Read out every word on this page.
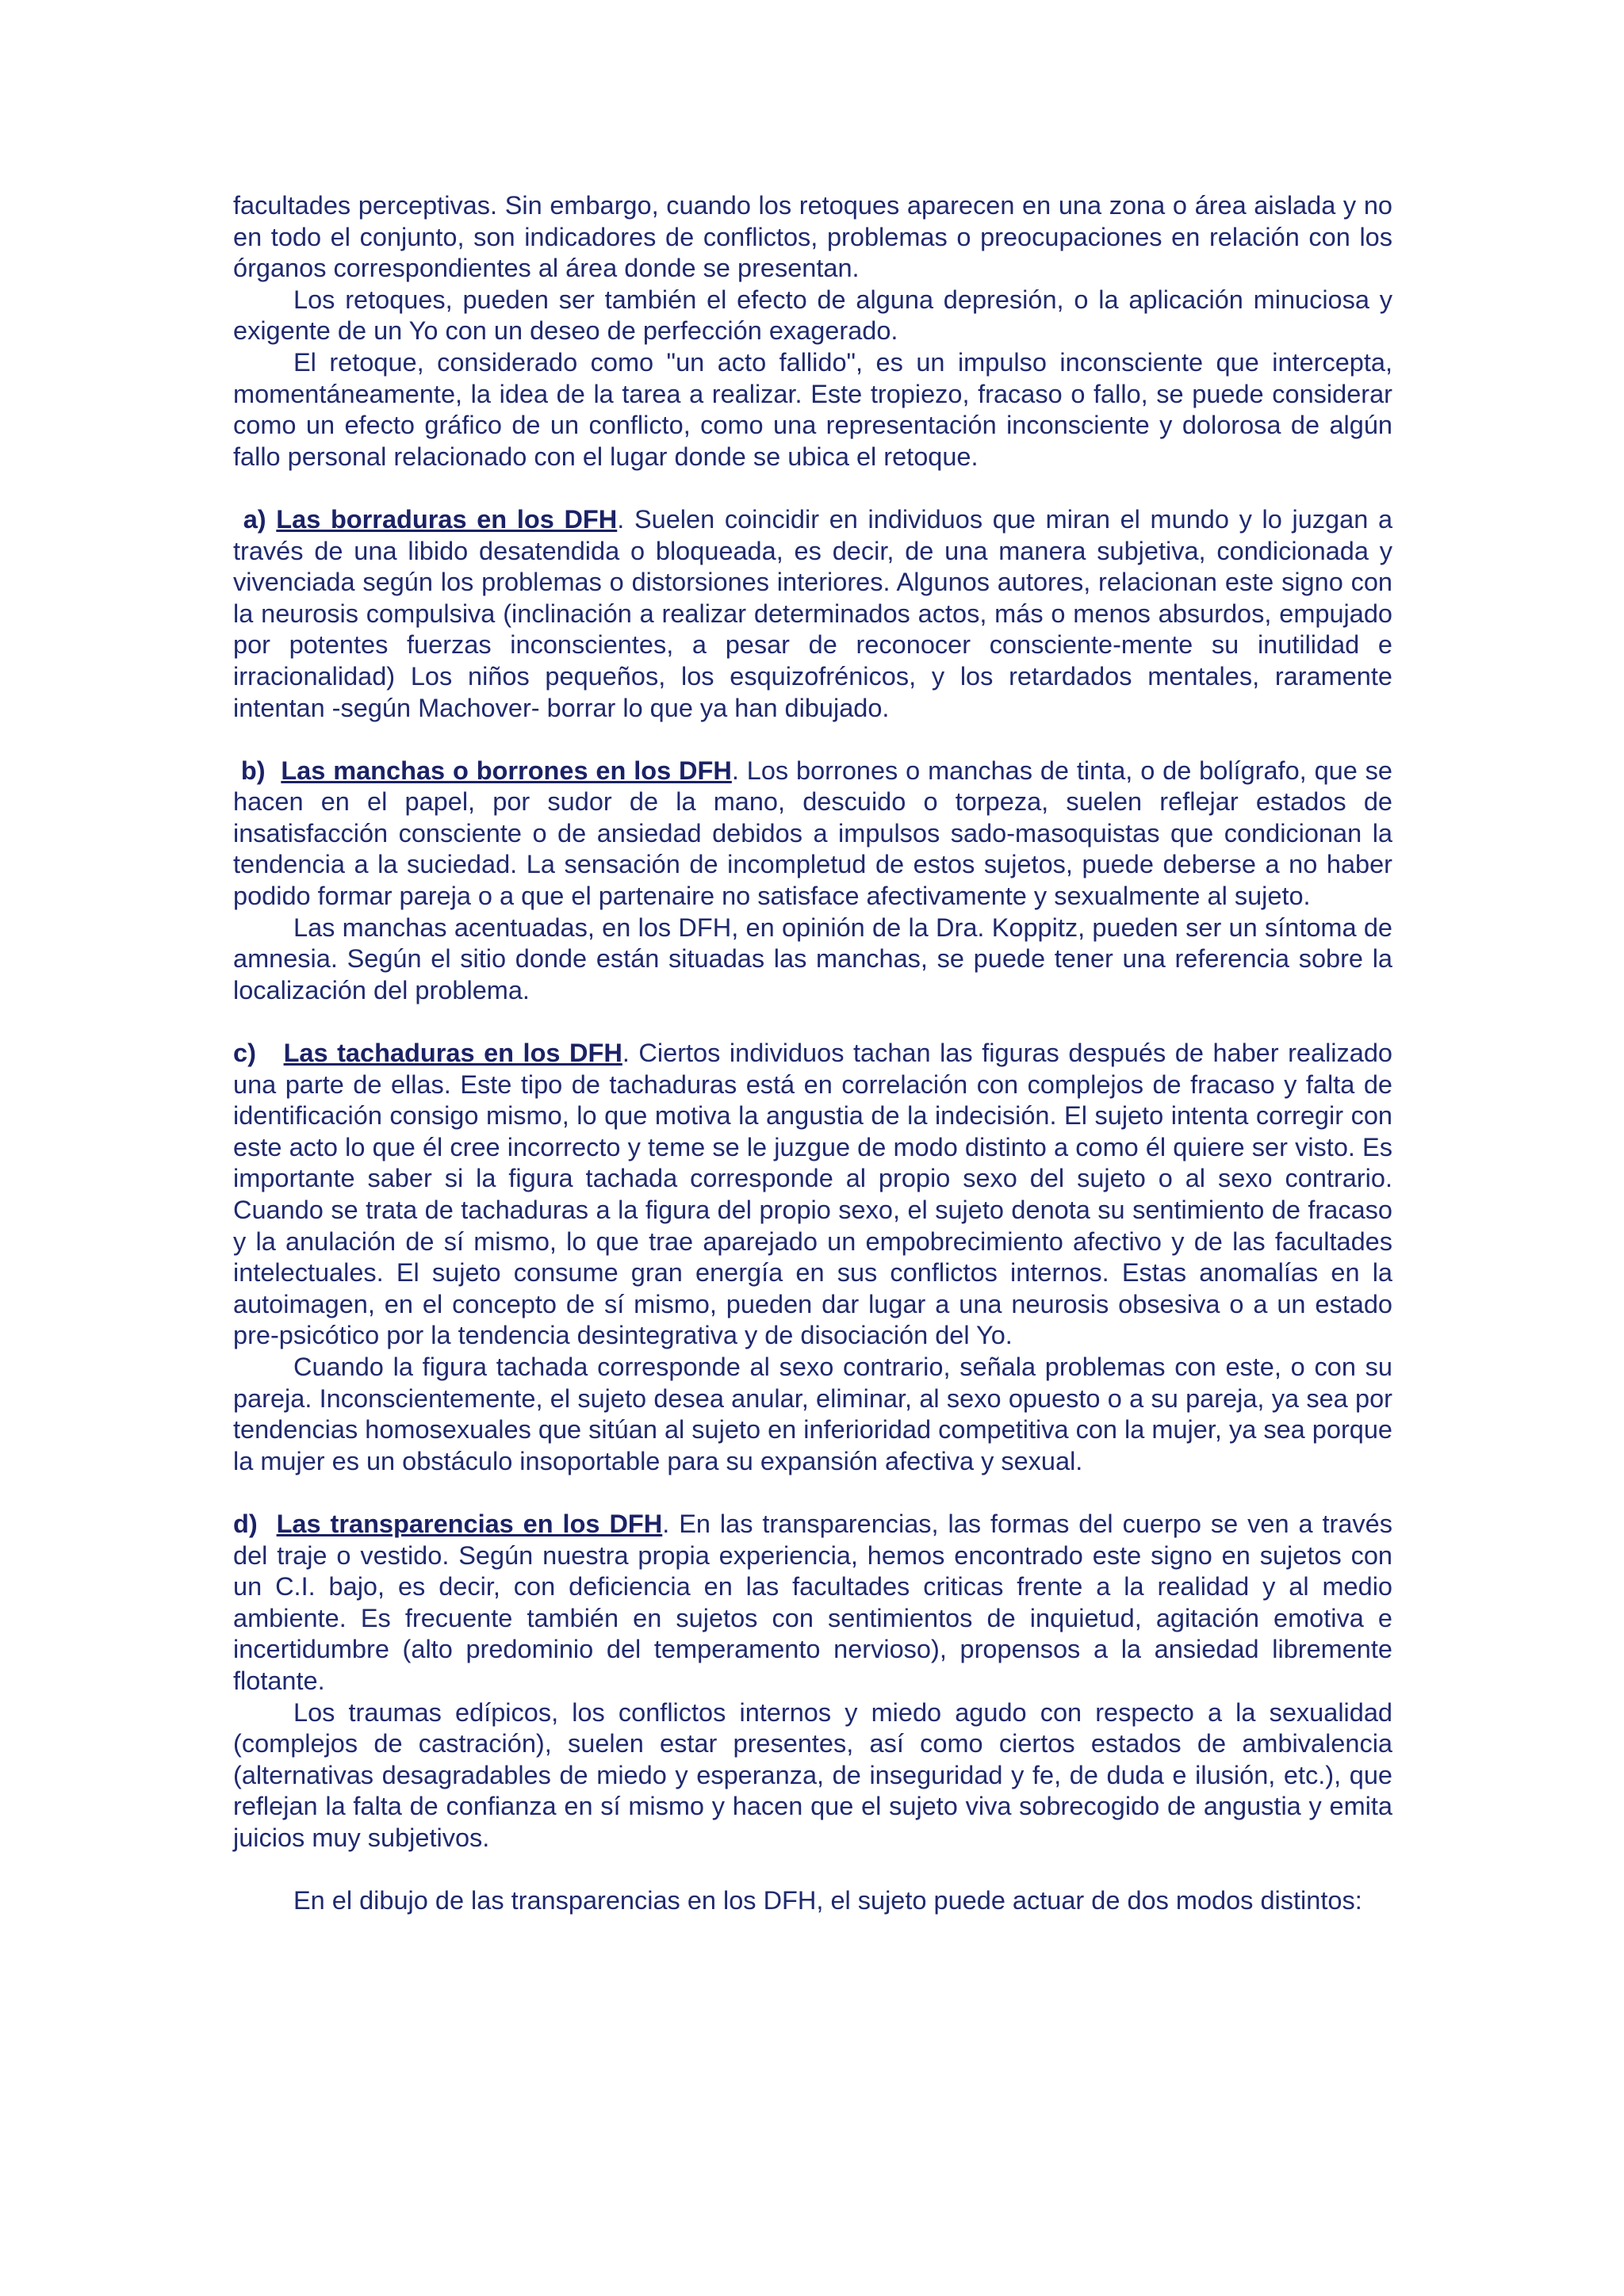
facultades perceptivas. Sin embargo, cuando los retoques aparecen en una zona o área aislada y no en todo el conjunto, son indicadores de conflictos, problemas o preocupaciones en relación con los órganos correspondientes al área donde se presentan.

Los retoques, pueden ser también el efecto de alguna depresión, o la aplicación minuciosa y exigente de un Yo con un deseo de perfección exagerado.

El retoque, considerado como "un acto fallido", es un impulso inconsciente que intercepta, momentáneamente, la idea de la tarea a realizar. Este tropiezo, fracaso o fallo, se puede considerar como un efecto gráfico de un conflicto, como una representación inconsciente y dolorosa de algún fallo personal relacionado con el lugar donde se ubica el retoque.

a) Las borraduras en los DFH. Suelen coincidir en individuos que miran el mundo y lo juzgan a través de una libido desatendida o bloqueada, es decir, de una manera subjetiva, condicionada y vivenciada según los problemas o distorsiones interiores. Algunos autores, relacionan este signo con la neurosis compulsiva (inclinación a realizar determinados actos, más o menos absurdos, empujado por potentes fuerzas inconscientes, a pesar de reconocer consciente-mente su inutilidad e irracionalidad) Los niños pequeños, los esquizofrénicos, y los retardados mentales, raramente intentan -según Machover- borrar lo que ya han dibujado.

b) Las manchas o borrones en los DFH. Los borrones o manchas de tinta, o de bolígrafo, que se hacen en el papel, por sudor de la mano, descuido o torpeza, suelen reflejar estados de insatisfacción consciente o de ansiedad debidos a impulsos sado-masoquistas que condicionan la tendencia a la suciedad. La sensación de incompletud de estos sujetos, puede deberse a no haber podido formar pareja o a que el partenaire no satisface afectivamente y sexualmente al sujeto.

Las manchas acentuadas, en los DFH, en opinión de la Dra. Koppitz, pueden ser un síntoma de amnesia. Según el sitio donde están situadas las manchas, se puede tener una referencia sobre la localización del problema.

c) Las tachaduras en los DFH. Ciertos individuos tachan las figuras después de haber realizado una parte de ellas. Este tipo de tachaduras está en correlación con complejos de fracaso y falta de identificación consigo mismo, lo que motiva la angustia de la indecisión. El sujeto intenta corregir con este acto lo que él cree incorrecto y teme se le juzgue de modo distinto a como él quiere ser visto. Es importante saber si la figura tachada corresponde al propio sexo del sujeto o al sexo contrario. Cuando se trata de tachaduras a la figura del propio sexo, el sujeto denota su sentimiento de fracaso y la anulación de sí mismo, lo que trae aparejado un empobrecimiento afectivo y de las facultades intelectuales. El sujeto consume gran energía en sus conflictos internos. Estas anomalías en la autoimagen, en el concepto de sí mismo, pueden dar lugar a una neurosis obsesiva o a un estado pre-psicótico por la tendencia desintegrativa y de disociación del Yo.

Cuando la figura tachada corresponde al sexo contrario, señala problemas con este, o con su pareja. Inconscientemente, el sujeto desea anular, eliminar, al sexo opuesto o a su pareja, ya sea por tendencias homosexuales que sitúan al sujeto en inferioridad competitiva con la mujer, ya sea porque la mujer es un obstáculo insoportable para su expansión afectiva y sexual.

d) Las transparencias en los DFH. En las transparencias, las formas del cuerpo se ven a través del traje o vestido. Según nuestra propia experiencia, hemos encontrado este signo en sujetos con un C.I. bajo, es decir, con deficiencia en las facultades criticas frente a la realidad y al medio ambiente. Es frecuente también en sujetos con sentimientos de inquietud, agitación emotiva e incertidumbre (alto predominio del temperamento nervioso), propensos a la ansiedad libremente flotante.

Los traumas edípicos, los conflictos internos y miedo agudo con respecto a la sexualidad (complejos de castración), suelen estar presentes, así como ciertos estados de ambivalencia (alternativas desagradables de miedo y esperanza, de inseguridad y fe, de duda e ilusión, etc.), que reflejan la falta de confianza en sí mismo y hacen que el sujeto viva sobrecogido de angustia y emita juicios muy subjetivos.

En el dibujo de las transparencias en los DFH, el sujeto puede actuar de dos modos distintos:
